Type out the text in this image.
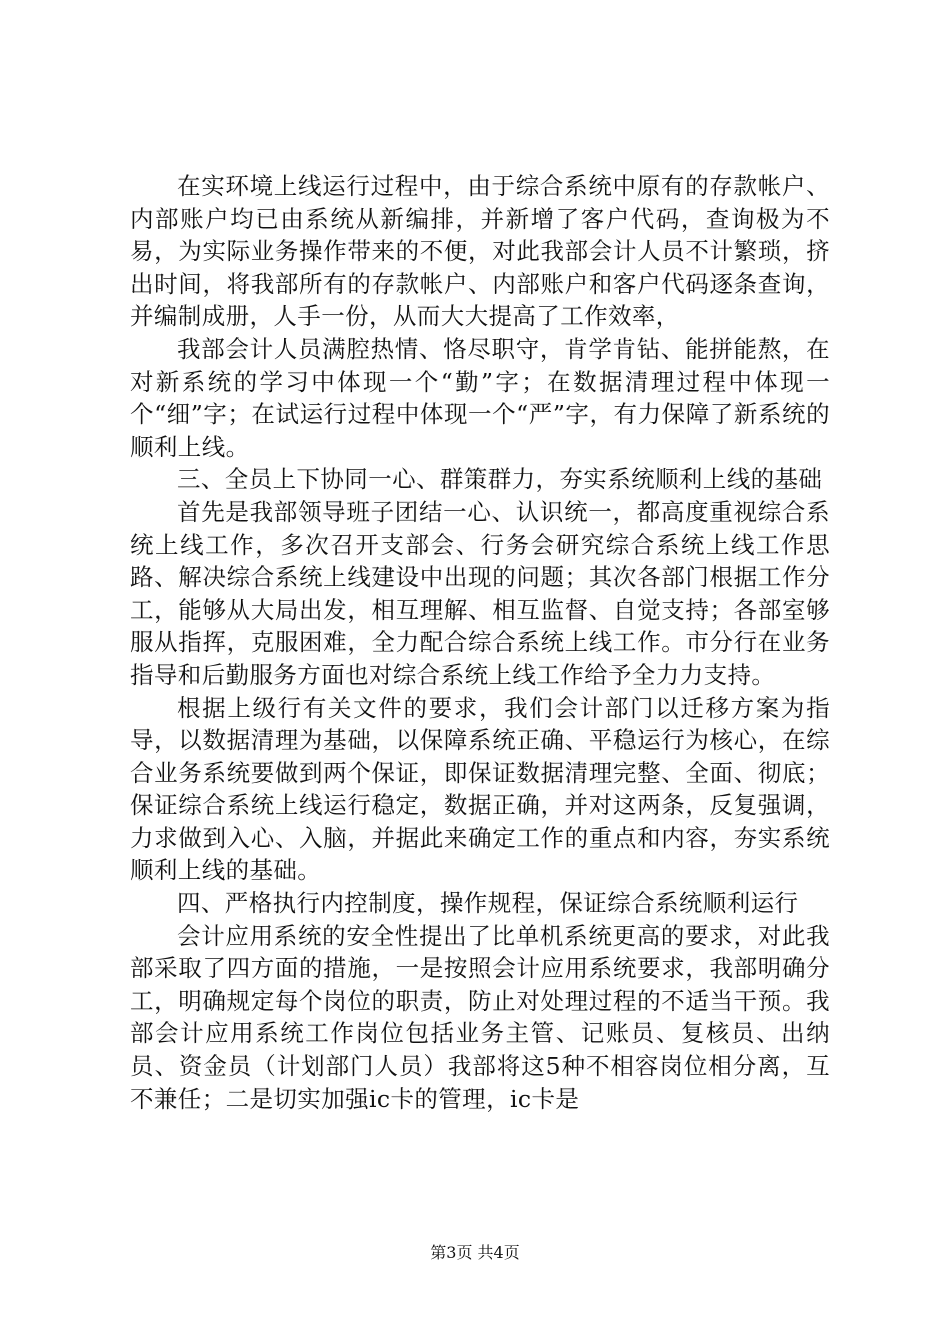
在实环境上线运行过程中，由于综合系统中原有的存款帐户、内部账户均已由系统从新编排，并新增了客户代码，查询极为不易，为实际业务操作带来的不便，对此我部会计人员不计繁琐，挤出时间，将我部所有的存款帐户、内部账户和客户代码逐条查询，并编制成册，人手一份，从而大大提高了工作效率，

我部会计人员满腔热情、恪尽职守，肯学肯钻、能拼能熬，在对新系统的学习中体现一个“勤”字；在数据清理过程中体现一个“细”字；在试运行过程中体现一个“严”字，有力保障了新系统的顺利上线。

三、全员上下协同一心、群策群力，夯实系统顺利上线的基础

首先是我部领导班子团结一心、认识统一，都高度重视综合系统上线工作，多次召开支部会、行务会研究综合系统上线工作思路、解决综合系统上线建设中出现的问题；其次各部门根据工作分工，能够从大局出发，相互理解、相互监督、自觉支持；各部室够服从指挥，克服困难，全力配合综合系统上线工作。市分行在业务指导和后勤服务方面也对综合系统上线工作给予全力力支持。

根据上级行有关文件的要求，我们会计部门以迁移方案为指导，以数据清理为基础，以保障系统正确、平稳运行为核心，在综合业务系统要做到两个保证，即保证数据清理完整、全面、彻底；保证综合系统上线运行稳定，数据正确，并对这两条，反复强调，力求做到入心、入脑，并据此来确定工作的重点和内容，夯实系统顺利上线的基础。

四、严格执行内控制度，操作规程，保证综合系统顺利运行

会计应用系统的安全性提出了比单机系统更高的要求，对此我部采取了四方面的措施，一是按照会计应用系统要求，我部明确分工，明确规定每个岗位的职责，防止对处理过程的不适当干预。我部会计应用系统工作岗位包括业务主管、记账员、复核员、出纳员、资金员（计划部门人员）我部将这5种不相容岗位相分离，互不兼任；二是切实加强ic卡的管理，ic卡是

第3页 共4页
